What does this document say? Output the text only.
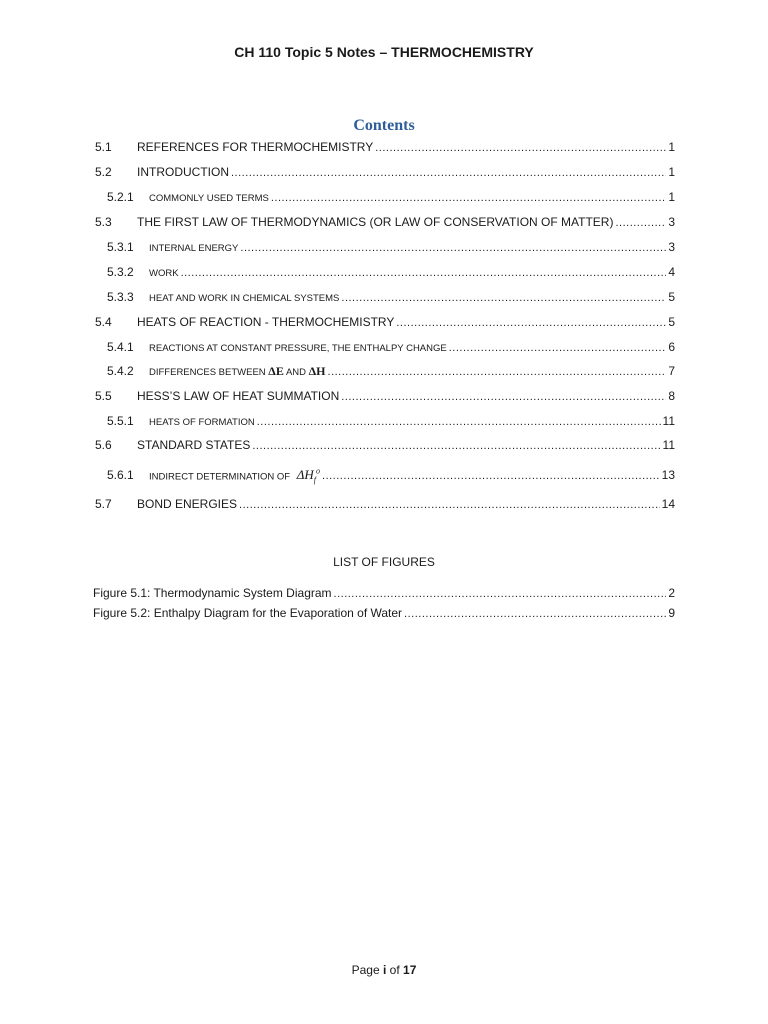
CH 110 Topic 5 Notes – THERMOCHEMISTRY
Contents
5.1	REFERENCES FOR THERMOCHEMISTRY .....	1
5.2	INTRODUCTION .....	1
5.2.1	COMMONLY USED TERMS .....	1
5.3	THE FIRST LAW OF THERMODYNAMICS (OR LAW OF CONSERVATION OF MATTER) .....	3
5.3.1	INTERNAL ENERGY .....	3
5.3.2	WORK .....	4
5.3.3	HEAT AND WORK IN CHEMICAL SYSTEMS .....	5
5.4	HEATS OF REACTION - THERMOCHEMISTRY .....	5
5.4.1	REACTIONS AT CONSTANT PRESSURE, THE ENTHALPY CHANGE .....	6
5.4.2	DIFFERENCES BETWEEN ΔE AND ΔH .....	7
5.5	HESS’S LAW OF HEAT SUMMATION .....	8
5.5.1	HEATS OF FORMATION .....	11
5.6	STANDARD STATES .....	11
5.6.1	INDIRECT DETERMINATION OF $\Delta H_f^o$ .....	13
5.7	BOND ENERGIES .....	14
LIST OF FIGURES
Figure 5.1: Thermodynamic System Diagram .....	2
Figure 5.2: Enthalpy Diagram for the Evaporation of Water .....	9
Page i of 17
